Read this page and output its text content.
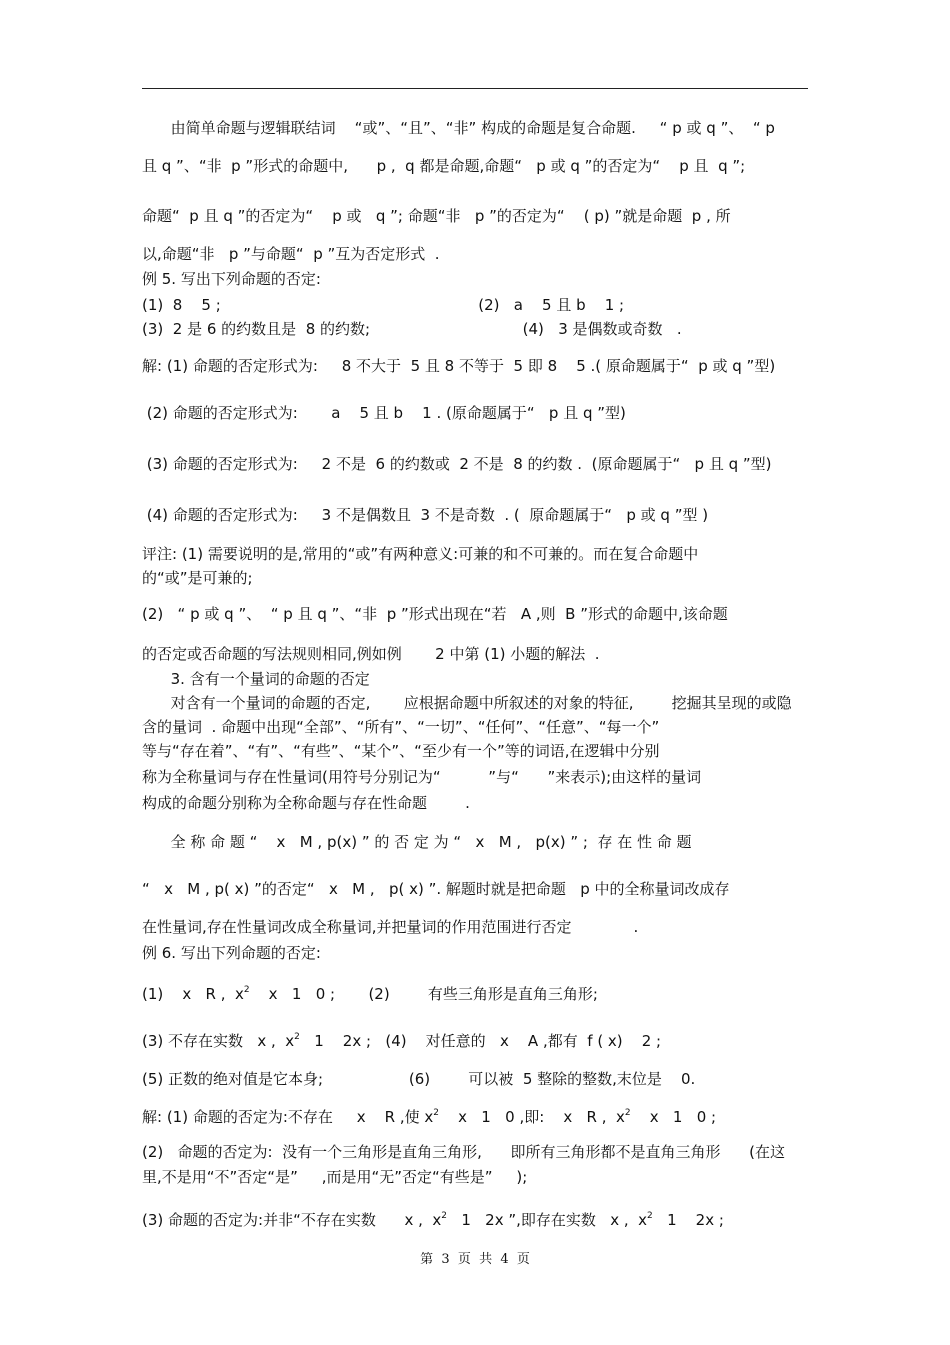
由简单命题与逻辑联结词    “或”、“且”、“非” 构成的命题是复合命题.     “ p 或 q ”、  “ p
且 q ”、“非  p ”形式的命题中,      p ,  q 都是命题,命题“   p 或 q ”的否定为“    p 且  q ”;
命题“  p 且 q ”的否定为“    p 或   q ”; 命题“非   p ”的否定为“    ( p) ”就是命题  p , 所
以,命题“非   p ”与命题“  p ”互为否定形式  .
例 5. 写出下列命题的否定:
(1)  8    5 ;                                                      (2)   a    5 且 b    1 ;
(3)  2 是 6 的约数且是  8 的约数;                                (4)   3 是偶数或奇数   .
解: (1) 命题的否定形式为:     8 不大于  5 且 8 不等于  5 即 8    5 .( 原命题属于“  p 或 q ”型)
(2) 命题的否定形式为:       a    5 且 b    1 . (原命题属于“   p 且 q ”型)
(3) 命题的否定形式为:     2 不是  6 的约数或  2 不是  8 的约数 .  (原命题属于“   p 且 q ”型)
(4) 命题的否定形式为:     3 不是偶数且  3 不是奇数  . (  原命题属于“   p 或 q ”型 )
评注: (1) 需要说明的是,常用的“或”有两种意义:可兼的和不可兼的。而在复合命题中
的“或”是可兼的;
(2)   “ p 或 q ”、  “ p 且 q ”、“非  p ”形式出现在“若   A ,则  B ”形式的命题中,该命题
的否定或否命题的写法规则相同,例如例       2 中第 (1) 小题的解法  .
3. 含有一个量词的命题的否定
对含有一个量词的命题的否定,       应根据命题中所叙述的对象的特征,        挖掘其呈现的或隐
含的量词  . 命题中出现“全部”、“所有”、“一切”、“任何”、“任意”、“每一个”
等与“存在着”、“有”、“有些”、“某个”、“至少有一个”等的词语,在逻辑中分别
称为全称量词与存在性量词(用符号分别记为“          ”与“      ”来表示);由这样的量词
构成的命题分别称为全称命题与存在性命题        .
全 称 命 题 “    x   M , p(x) ” 的 否 定 为 “   x   M ,   p(x) ” ;  存 在 性 命 题
“   x   M , p( x) ”的否定“   x   M ,   p( x) ”. 解题时就是把命题   p 中的全称量词改成存
在性量词,存在性量词改成全称量词,并把量词的作用范围进行否定             .
例 6. 写出下列命题的否定:
(1)    x   R ,  $x^2$    x   1   0 ;       (2)        有些三角形是直角三角形;
(3) 不存在实数   x ,  $x^2$   1    2x ;   (4)    对任意的   x    A ,都有  f ( x)    2 ;
(5) 正数的绝对值是它本身;                  (6)        可以被  5 整除的整数,末位是    0.
解: (1) 命题的否定为:不存在     x    R ,使 $x^2$    x   1   0 ,即:    x   R ,  $x^2$    x   1   0 ;
(2)   命题的否定为:  没有一个三角形是直角三角形,      即所有三角形都不是直角三角形      (在这
里,不是用“不”否定“是”     ,而是用“无”否定“有些是”     );
(3) 命题的否定为:并非“不存在实数      x ,  $x^2$   1   2x ”,即存在实数   x ,  $x^2$   1    2x ;
第  3  页  共  4  页
